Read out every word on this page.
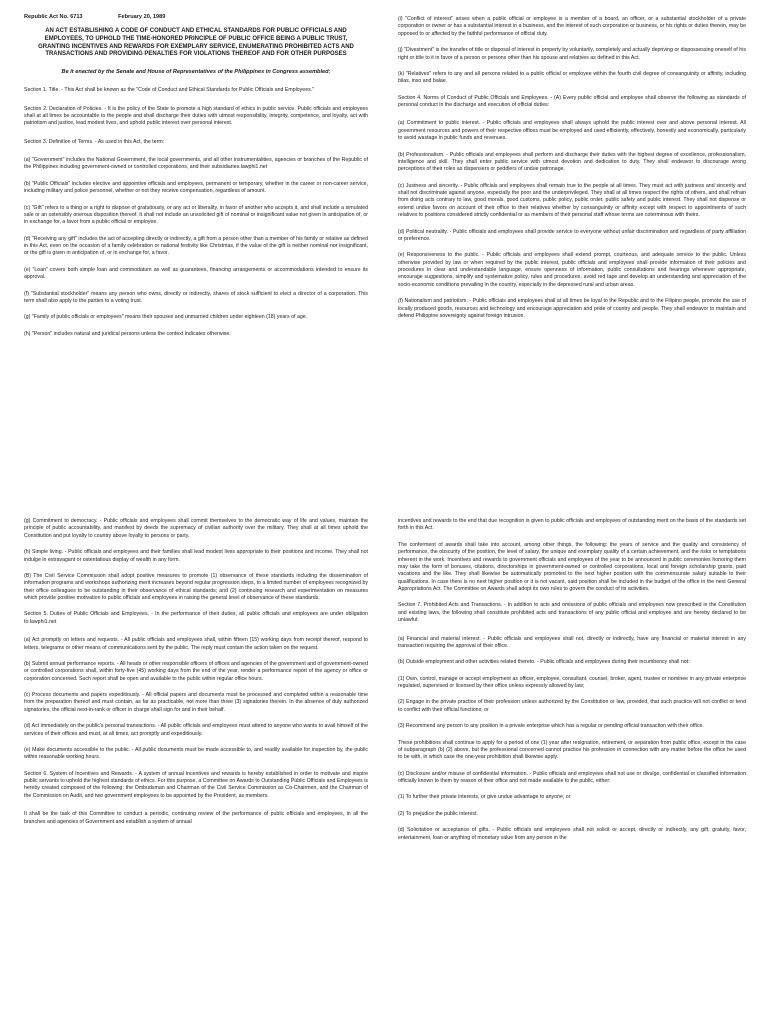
Republic Act No. 6713	February 20, 1989
AN ACT ESTABLISHING A CODE OF CONDUCT AND ETHICAL STANDARDS FOR PUBLIC OFFICIALS AND EMPLOYEES, TO UPHOLD THE TIME-HONORED PRINCIPLE OF PUBLIC OFFICE BEING A PUBLIC TRUST, GRANTING INCENTIVES AND REWARDS FOR EXEMPLARY SERVICE, ENUMERATING PROHIBITED ACTS AND TRANSACTIONS AND PROVIDING PENALTIES FOR VIOLATIONS THEREOF AND FOR OTHER PURPOSES
Be it enacted by the Senate and House of Representatives of the Philippines in Congress assembled:

Section 1. Title. - This Act shall be known as the "Code of Conduct and Ethical Standards for Public Officials and Employees."

Section 2. Declaration of Policies. - It is the policy of the State to promote a high standard of ethics in public service. Public officials and employees shall at all times be accountable to the people and shall discharge their duties with utmost responsibility, integrity, competence, and loyalty, act with patriotism and justice, lead modest lives, and uphold public interest over personal interest.

Section 3. Definition of Terms. - As used in this Act, the term:

(a) "Government" includes the National Government, the local governments, and all other instrumentalities, agencies or branches of the Republic of the Philippines including government-owned or controlled corporations, and their subsidiaries.lawphi1.net

(b) "Public Officials" includes elective and appointive officials and employees, permanent or temporary, whether in the career or non-career service, including military and police personnel, whether or not they receive compensation, regardless of amount.

(c) "Gift" refers to a thing or a right to dispose of gratuitously, or any act or liberality, in favor of another who accepts it, and shall include a simulated sale or an ostensibly onerous disposition thereof. It shall not include an unsolicited gift of nominal or insignificant value not given in anticipation of, or in exchange for, a favor from a public official or employee.

(d) "Receiving any gift" includes the act of accepting directly or indirectly, a gift from a person other than a member of his family or relative as defined in this Act, even on the occasion of a family celebration or national festivity like Christmas, if the value of the gift is neither nominal nor insignificant, or the gift is given in anticipation of, or in exchange for, a favor.

(e) "Loan" covers both simple loan and commodatum as well as guarantees, financing arrangements or accommodations intended to ensure its approval.

(f) "Substantial stockholder" means any person who owns, directly or indirectly, shares of stock sufficient to elect a director of a corporation. This term shall also apply to the parties to a voting trust.

(g) "Family of public officials or employees" means their spouses and unmarried children under eighteen (18) years of age.

(h) "Person" includes natural and juridical persons unless the context indicates otherwise.

(i) "Conflict of interest" arises when a public official or employee is a member of a board, an officer, or a substantial stockholder of a private corporation or owner or has a substantial interest in a business, and the interest of such corporation or business, or his rights or duties therein, may be opposed to or affected by the faithful performance of official duty.

(j) "Divestment" is the transfer of title or disposal of interest in property by voluntarily, completely and actually depriving or dispossessing oneself of his right or title to it in favor of a person or persons other than his spouse and relatives as defined in this Act.

(k) "Relatives" refers to any and all persons related to a public official or employee within the fourth civil degree of consanguinity or affinity, including bilas, inso and balae.

Section 4. Norms of Conduct of Public Officials and Employees. - (A) Every public official and employee shall observe the following as standards of personal conduct in the discharge and execution of official duties:

(a) Commitment to public interest. - Public officials and employees shall always uphold the public interest over and above personal interest. All government resources and powers of their respective offices must be employed and used efficiently, effectively, honestly and economically, particularly to avoid wastage in public funds and revenues.

(b) Professionalism. - Public officials and employees shall perform and discharge their duties with the highest degree of excellence, professionalism, intelligence and skill. They shall enter public service with utmost devotion and dedication to duty. They shall endeavor to discourage wrong perceptions of their roles as dispensers or peddlers of undue patronage.

(c) Justness and sincerity. - Public officials and employees shall remain true to the people at all times. They must act with justness and sincerity and shall not discriminate against anyone, especially the poor and the underprivileged. They shall at all times respect the rights of others, and shall refrain from doing acts contrary to law, good morals, good customs, public policy, public order, public safety and public interest. They shall not dispense or extend undue favors on account of their office to their relatives whether by consanguinity or affinity except with respect to appointments of such relatives to positions considered strictly confidential or as members of their personal staff whose terms are coterminous with theirs.

(d) Political neutrality. - Public officials and employees shall provide service to everyone without unfair discrimination and regardless of party affiliation or preference.

(e) Responsiveness to the public. - Public officials and employees shall extend prompt, courteous, and adequate service to the public. Unless otherwise provided by law or when required by the public interest, public officials and employees shall provide information of their policies and procedures in clear and understandable language, ensure openness of information, public consultations and hearings whenever appropriate, encourage suggestions, simplify and systematize policy, rules and procedures, avoid red tape and develop an understanding and appreciation of the socio-economic conditions prevailing in the country, especially in the depressed rural and urban areas.

(f) Nationalism and patriotism. - Public officials and employees shall at all times be loyal to the Republic and to the Filipino people, promote the use of locally produced goods, resources and technology and encourage appreciation and pride of country and people. They shall endeavor to maintain and defend Philippine sovereignty against foreign intrusion.

(g) Commitment to democracy. - Public officials and employees shall commit themselves to the democratic way of life and values, maintain the principle of public accountability, and manifest by deeds the supremacy of civilian authority over the military. They shall at all times uphold the Constitution and put loyalty to country above loyalty to persons or party.

(h) Simple living. - Public officials and employees and their families shall lead modest lives appropriate to their positions and income. They shall not indulge in extravagant or ostentatious display of wealth in any form.

(B) The Civil Service Commission shall adopt positive measures to promote (1) observance of these standards including the dissemination of information programs and workshops authorizing merit increases beyond regular progression steps, to a limited number of employees recognized by their office colleagues to be outstanding in their observance of ethical standards; and (2) continuing research and experimentation on measures which provide positive motivation to public officials and employees in raising the general level of observance of these standards.

Section 5. Duties of Public Officials and Employees. - In the performance of their duties, all public officials and employees are under obligation to:lawphi1.net

(a) Act promptly on letters and requests. - All public officials and employees shall, within fifteen (15) working days from receipt thereof, respond to letters, telegrams or other means of communications sent by the public. The reply must contain the action taken on the request.

(b) Submit annual performance reports. - All heads or other responsible officers of offices and agencies of the government and of government-owned or controlled corporations shall, within forty-five (45) working days from the end of the year, render a performance report of the agency or office or corporation concerned. Such report shall be open and available to the public within regular office hours.

(c) Process documents and papers expeditiously. - All official papers and documents must be processed and completed within a reasonable time from the preparation thereof and must contain, as far as practicable, not more than three (3) signatories therein. In the absence of duly authorized signatories, the official next-in-rank or officer in charge shall sign for and in their behalf.

(d) Act immediately on the public's personal transactions. - All public officials and employees must attend to anyone who wants to avail himself of the services of their offices and must, at all times, act promptly and expeditiously.

(e) Make documents accessible to the public. - All public documents must be made accessible to, and readily available for inspection by, the public within reasonable working hours.

Section 6. System of Incentives and Rewards. - A system of annual incentives and rewards is hereby established in order to motivate and inspire public servants to uphold the highest standards of ethics. For this purpose, a Committee on Awards to Outstanding Public Officials and Employees is hereby created composed of the following: the Ombudsman and Chairman of the Civil Service Commission as Co-Chairmen, and the Chairman of the Commission on Audit, and two government employees to be appointed by the President, as members.

It shall be the task of this Committee to conduct a periodic, continuing review of the performance of public officials and employees, in all the branches and agencies of Government and establish a system of annual

incentives and rewards to the end that due recognition is given to public officials and employees of outstanding merit on the basis of the standards set forth in this Act.

The conferment of awards shall take into account, among other things, the following: the years of service and the quality and consistency of performance, the obscurity of the position, the level of salary, the unique and exemplary quality of a certain achievement, and the risks or temptations inherent in the work. Incentives and rewards to government officials and employees of the year to be announced in public ceremonies honoring them may take the form of bonuses, citations, directorships in government-owned or controlled corporations, local and foreign scholarship grants, paid vacations and the like. They shall likewise be automatically promoted to the next higher position with the commensurate salary suitable to their qualifications. In case there is no next higher position or it is not vacant, said position shall be included in the budget of the office in the next General Appropriations Act. The Committee on Awards shall adopt its own rules to govern the conduct of its activities.

Section 7. Prohibited Acts and Transactions. - In addition to acts and omissions of public officials and employees now prescribed in the Constitution and existing laws, the following shall constitute prohibited acts and transactions of any public official and employee and are hereby declared to be unlawful:

(a) Financial and material interest. - Public officials and employees shall not, directly or indirectly, have any financial or material interest in any transaction requiring the approval of their office.

(b) Outside employment and other activities related thereto. - Public officials and employees during their incumbency shall not:

(1) Own, control, manage or accept employment as officer, employee, consultant, counsel, broker, agent, trustee or nominee in any private enterprise regulated, supervised or licensed by their office unless expressly allowed by law;

(2) Engage in the private practice of their profession unless authorized by the Constitution or law, provided, that such practice will not conflict or tend to conflict with their official functions; or

(3) Recommend any person to any position in a private enterprise which has a regular or pending official transaction with their office.

These prohibitions shall continue to apply for a period of one (1) year after resignation, retirement, or separation from public office, except in the case of subparagraph (b) (2) above, but the professional concerned cannot practice his profession in connection with any matter before the office he used to be with, in which case the one-year prohibition shall likewise apply.

(c) Disclosure and/or misuse of confidential information. - Public officials and employees shall not use or divulge, confidential or classified information officially known to them by reason of their office and not made available to the public, either:

(1) To further their private interests, or give undue advantage to anyone; or

(2) To prejudice the public interest.

(d) Solicitation or acceptance of gifts. - Public officials and employees shall not solicit or accept, directly or indirectly, any gift, gratuity, favor, entertainment, loan or anything of monetary value from any person in the
